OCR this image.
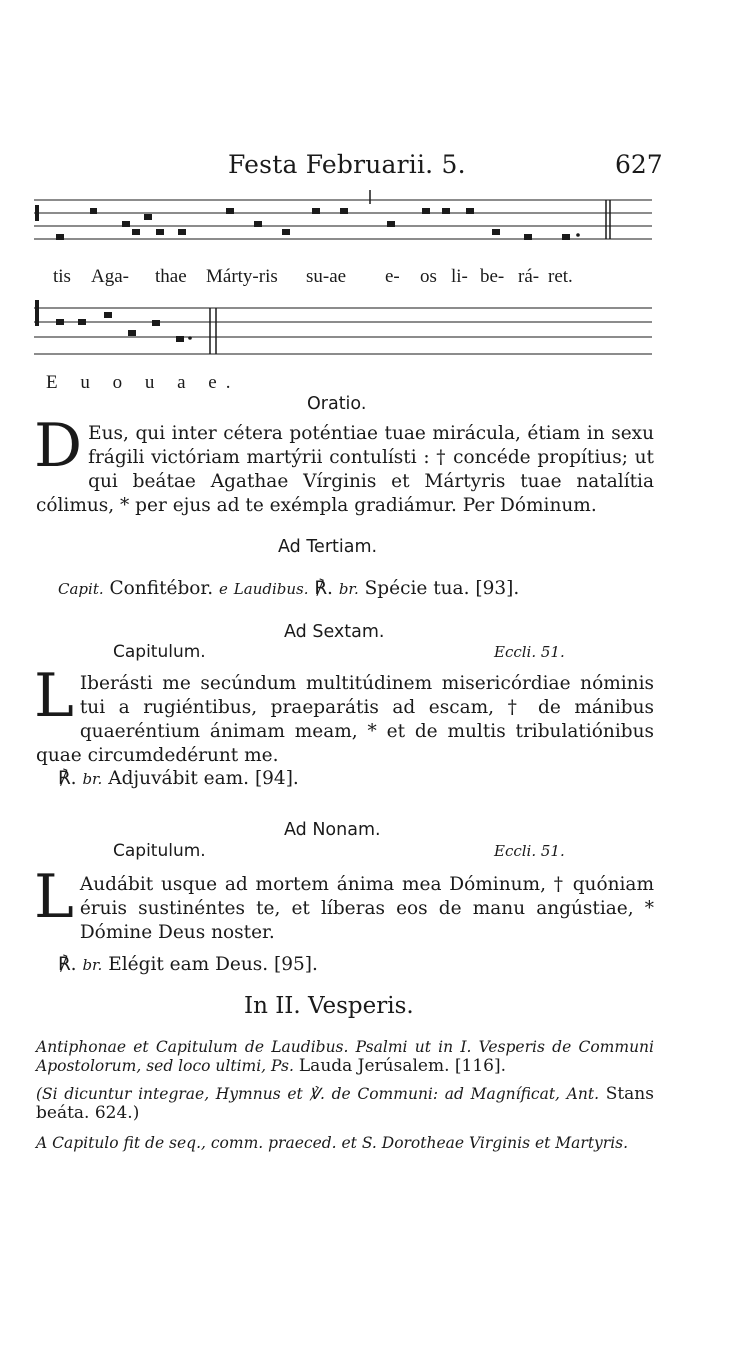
Festa Februarii. 5.	627
tis Aga- thae Márty-ris su-ae e- os li- be- rá- ret.
E u o u a e.
Oratio.
D Eus, qui inter cétera poténtiae tuae mirácula, étiam in sexu frágili victóriam martýrii contulísti : † concéde propítius; ut qui beátae Agathae Vírginis et Mártyris tuae natalítia cólimus, * per ejus ad te exémpla gradiámur. Per Dóminum.
Ad Tertiam.
Capit. Confitébor. e Laudibus. ℟. br. Spécie tua. [93].
Ad Sextam.
Capitulum.	Eccli. 51.
L Iberásti me secúndum multitúdinem misericórdiae nóminis tui a rugiéntibus, praeparátis ad escam, † de mánibus quaeréntium ánimam meam, * et de multis tribulatiónibus quae circumdedérunt me.
℟. br. Adjuvábit eam. [94].
Ad Nonam.
Capitulum.	Eccli. 51.
L Audábit usque ad mortem ánima mea Dóminum, † quóniam éruis sustinéntes te, et líberas eos de manu angústiae, * Dómine Deus noster.
℟. br. Elégit eam Deus. [95].
In II. Vesperis.
Antiphonae et Capitulum de Laudibus. Psalmi ut in I. Vesperis de Communi Apostolorum, sed loco ultimi, Ps. Lauda Jerúsalem. [116].
(Si dicuntur integrae, Hymnus et ℣. de Communi: ad Magníficat, Ant. Stans beáta. 624.)
A Capitulo fit de seq., comm. praeced. et S. Dorotheae Virginis et Martyris.
